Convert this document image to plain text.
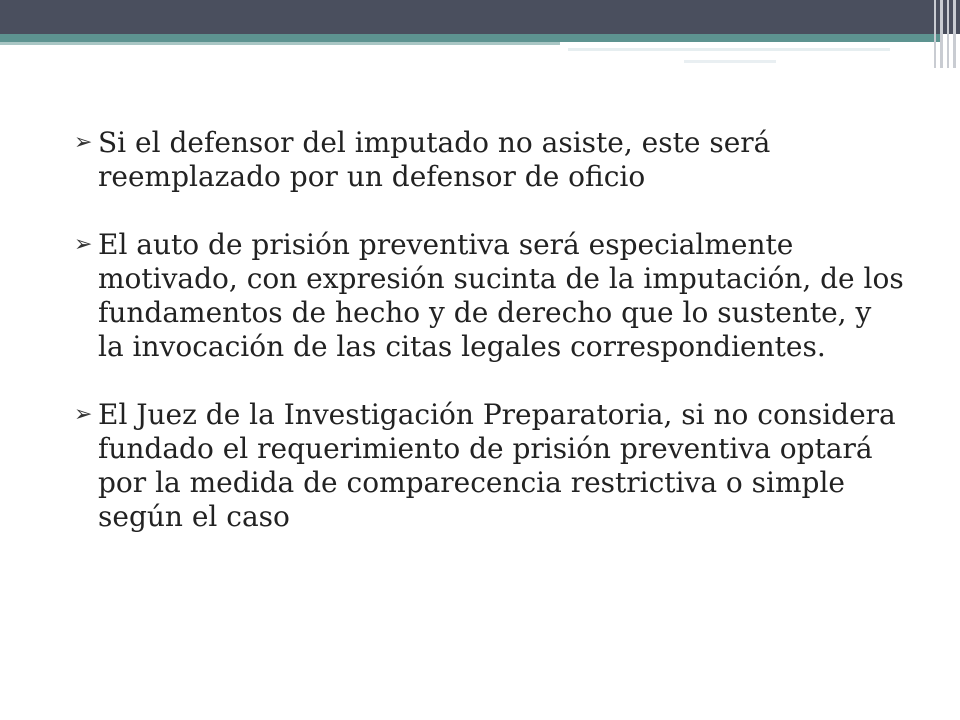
➢ Si el defensor del imputado no asiste, este será reemplazado por un defensor de oficio
➢ El auto de prisión preventiva será especialmente motivado, con expresión sucinta de la imputación, de los fundamentos de hecho y de derecho que lo sustente, y la invocación de las citas legales correspondientes.
➢ El Juez de la Investigación Preparatoria, si no considera fundado el requerimiento de prisión preventiva optará por la medida de comparecencia restrictiva o simple según el caso
